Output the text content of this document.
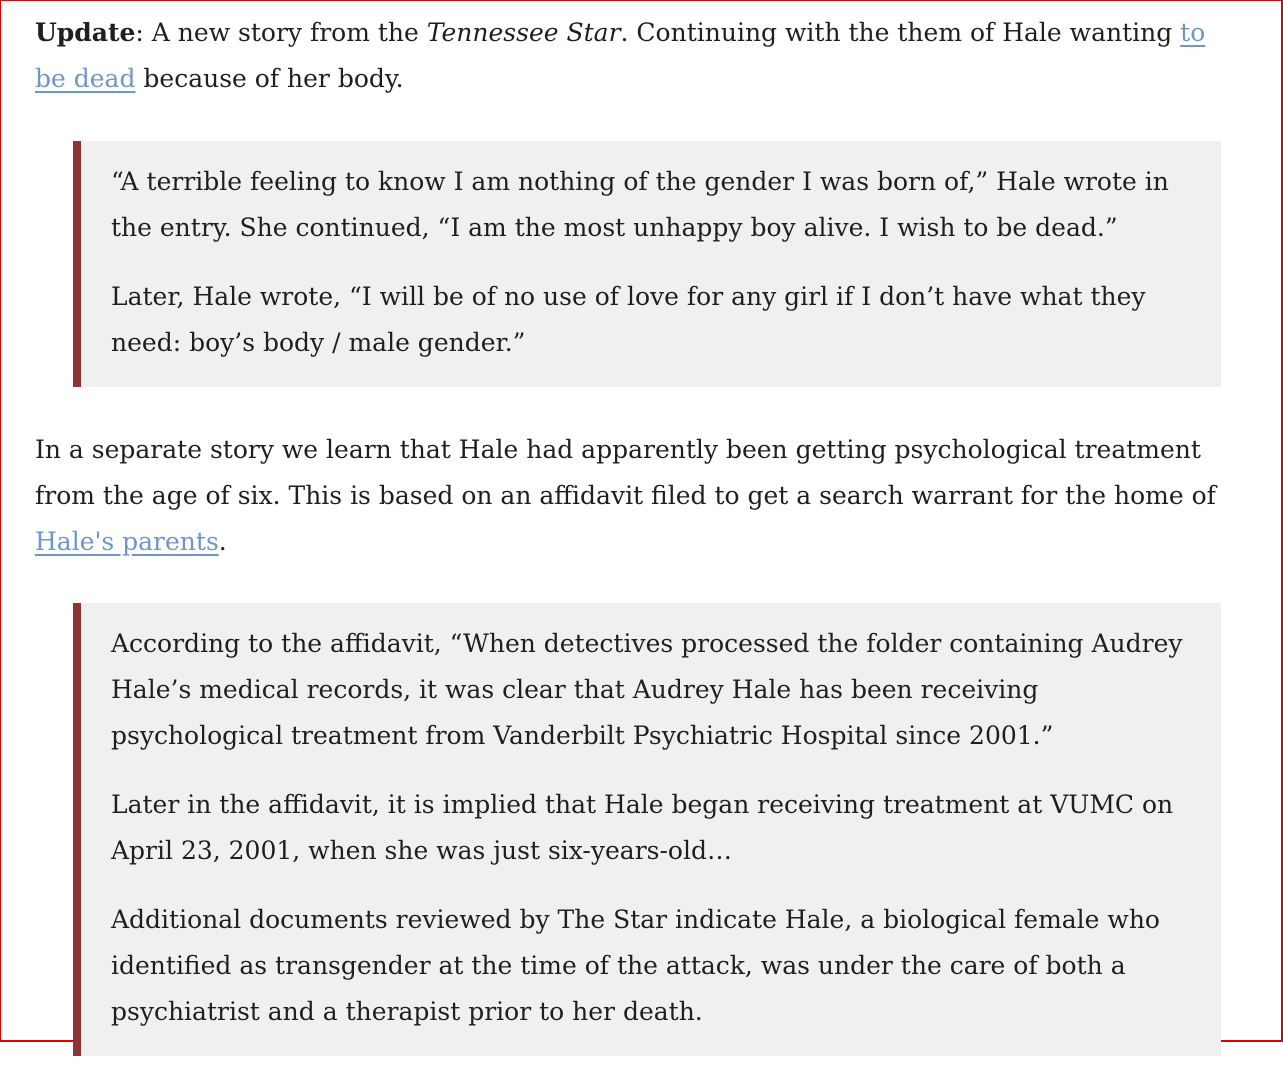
Update: A new story from the Tennessee Star. Continuing with the them of Hale wanting to be dead because of her body.

“A terrible feeling to know I am nothing of the gender I was born of,” Hale wrote in the entry. She continued, “I am the most unhappy boy alive. I wish to be dead.”

Later, Hale wrote, “I will be of no use of love for any girl if I don’t have what they need: boy’s body / male gender.”

In a separate story we learn that Hale had apparently been getting psychological treatment from the age of six. This is based on an affidavit filed to get a search warrant for the home of Hale's parents.

According to the affidavit, “When detectives processed the folder containing Audrey Hale’s medical records, it was clear that Audrey Hale has been receiving psychological treatment from Vanderbilt Psychiatric Hospital since 2001.”

Later in the affidavit, it is implied that Hale began receiving treatment at VUMC on April 23, 2001, when she was just six-years-old…

Additional documents reviewed by The Star indicate Hale, a biological female who identified as transgender at the time of the attack, was under the care of both a psychiatrist and a therapist prior to her death.
